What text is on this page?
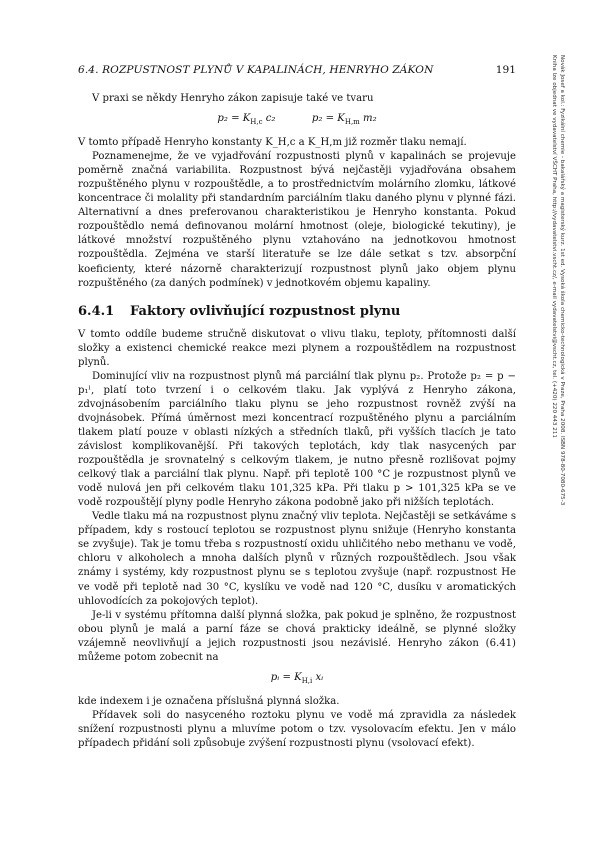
6.4. ROZPUSTNOST PLYNŮ V KAPALINÁCH, HENRYHO ZÁKON	191

V praxi se někdy Henryho zákon zapisuje také ve tvaru

$p_2 = K_{H,c}$ c₂	$p_2 = K_{H,m}$ m₂

V tomto případě Henryho konstanty K_H,c a K_H,m již rozměr tlaku nemají.

Poznamenejme, že ve vyjadřování rozpustnosti plynů v kapalinách se projevuje poměrně značná variabilita. Rozpustnost bývá nejčastěji vyjadřována obsahem rozpuštěného plynu v rozpouštědle, a to prostřednictvím molárního zlomku, látkové koncentrace či molality při standardním parciálním tlaku daného plynu v plynné fázi. Alternativní a dnes preferovanou charakteristikou je Henryho konstanta. Pokud rozpouštědlo nemá definovanou molární hmotnost (oleje, biologické tekutiny), je látkové množství rozpuštěného plynu vztahováno na jednotkovou hmotnost rozpouštědla. Zejména ve starší literatuře se lze dále setkat s tzv. absorpční koeficienty, které názorně charakterizují rozpustnost plynů jako objem plynu rozpuštěného (za daných podmínek) v jednotkovém objemu kapaliny.

6.4.1	Faktory ovlivňující rozpustnost plynu

V tomto oddíle budeme stručně diskutovat o vlivu tlaku, teploty, přítomnosti další složky a existenci chemické reakce mezi plynem a rozpouštědlem na rozpustnost plynů.

Dominující vliv na rozpustnost plynů má parciální tlak plynu p₂. Protože p₂ = p − p₁ˡ, platí toto tvrzení i o celkovém tlaku. Jak vyplývá z Henryho zákona, zdvojnásobením parciálního tlaku plynu se jeho rozpustnost rovněž zvýší na dvojnásobek. Přímá úměrnost mezi koncentrací rozpuštěného plynu a parciálním tlakem platí pouze v oblasti nízkých a středních tlaků, při vyšších tlacích je tato závislost komplikovanější. Při takových teplotách, kdy tlak nasycených par rozpouštědla je srovnatelný s celkovým tlakem, je nutno přesně rozlišovat pojmy celkový tlak a parciální tlak plynu. Např. při teplotě 100 °C je rozpustnost plynů ve vodě nulová jen při celkovém tlaku 101,325 kPa. Při tlaku p > 101,325 kPa se ve vodě rozpouštějí plyny podle Henryho zákona podobně jako při nižších teplotách.

Vedle tlaku má na rozpustnost plynu značný vliv teplota. Nejčastěji se setkáváme s případem, kdy s rostoucí teplotou se rozpustnost plynu snižuje (Henryho konstanta se zvyšuje). Tak je tomu třeba s rozpustností oxidu uhličitého nebo methanu ve vodě, chloru v alkoholech a mnoha dalších plynů v různých rozpouštědlech. Jsou však známy i systémy, kdy rozpustnost plynu se s teplotou zvyšuje (např. rozpustnost He ve vodě při teplotě nad 30 °C, kyslíku ve vodě nad 120 °C, dusíku v aromatických uhlovodících za pokojových teplot).

Je-li v systému přítomna další plynná složka, pak pokud je splněno, že rozpustnost obou plynů je malá a parní fáze se chová prakticky ideálně, se plynné složky vzájemně neovlivňují a jejich rozpustnosti jsou nezávislé. Henryho zákon (6.41) můžeme potom zobecnit na

pᵢ = $K_{H,i}$ xᵢ

kde indexem i je označena příslušná plynná složka.

Přídavek soli do nasyceného roztoku plynu ve vodě má zpravidla za následek snížení rozpustnosti plynu a mluvíme potom o tzv. vysolovacím efektu. Jen v málo případech přidání soli způsobuje zvýšení rozpustnosti plynu (vsolovací efekt).

Novák Josef a kol.: Fyzikální chemie - bakalářský a magisterský kurz. 1st ed. Vysoká škola chemicko-technologická v Praze, Praha 2008. ISBN 978-80-7080-675-3
Kniha lze objednat ve vydavatelství VŠCHT Praha, http://vydavatelstvi.vscht.cz/, e-mail vydavatelstvi@vscht.cz, tel. (+420) 220 443 211
